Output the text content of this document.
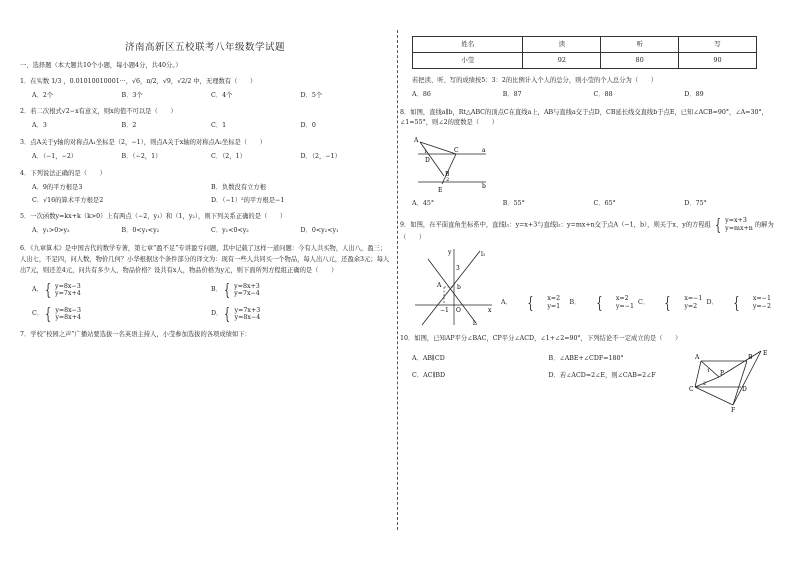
济南高新区五校联考八年级数学试题
一、选择题（本大题共10个小题，每小题4分，共40分。）
1．在实数 1/3 ，0.01010010001···，√6，π/2，√9，√2/2 中，无理数有（　　）
A．2个	B．3个	C．4个	D．5个
2．若二次根式√2−x有意义，则x的值不可以是（　　）
A．3	B．2	C．1	D．0
3．点A关于y轴的对称点A₁坐标是（2，−1），则点A关于x轴的对称点A₂坐标是（　　）
A．（−1，−2）	B．（−2，1）	C．（2，1）	D．（2，−1）
4．下列说法正确的是（　　）
A．9的平方根是3	B．负数没有立方根
C．√16的算术平方根是2	D．（−1）²的平方根是−1
5．一次函数y=kx+k（k>0）上有两点（−2，y₁）和（1，y₂），则下列关系正确的是（　　）
A．y₁>0>y₂	B．0<y₁<y₂	C．y₁<0<y₂	D．0<y₂<y₁
6．《九章算术》是中国古代的数学专著，第七章“盈不足”专讲盈亏问题，其中记载了这样一道问题：今有人共买物，人出八，盈三；人出七，不足四，问人数，物价几何？小华根据这个条件部分的译文为：现有一些人共同买一个物品，每人出八元，还盈余3元；每人出7元，则还差4元，问共有多少人，物品价格？设共有x人，物品价格为y元，则下面所列方程组正确的是（　　）
A． { y=8x−3
y=7x+4
B． { y=8x+3
y=7x−4
C． { y=8x−3
y=8x+4
D． { y=7x+3
y=8x−4
7．学校“校园之声”广播站要选拔一名英语主持人，小莹参加选拔的各项成绩如下：
姓名	读	听	写
小莹	92	80	90
若把读、听、写的成绩按5：3：2的比例计入个人的总分，则小莹的个人总分为（　　）
A．86	B．87	C．88	D．89
8．如图，直线a∥b，Rt△ABC的顶点C在直线a上，AB与直线a交于点D，CB延长线交直线b于点E，已知∠ACB=90°，∠A=30°，∠1=55°，则∠2的度数是（　　）
A
D
C	a
B
E
b
1
2
A．45°	B．55°	C．65°	D．75°
9．如图，在平面直角坐标系中，直线l₁：y=x+3与直线l₂：y=mx+n交于点A（−1，b），则关于x、y的方程组 { y=x+3
y=mx+n 的解为（　　）
y	l₁
b
A
O
−1	x
l₂
3
A． {	x=2
y=1
B． {	x=2
y=−1
C． {	x=−1
y=2
D． {	x=−1
y=−2
10．如图，已知AP平分∠BAC，CP平分∠ACD，∠1+∠2=90°，下列结论不一定成立的是（　　）
A．AB∥CD	B．∠ABE+∠CDF=180°
C．AC∥BD	D．若∠ACD=2∠E，则∠CAB=2∠F
A	B
E
1 P
C
2
D
F
